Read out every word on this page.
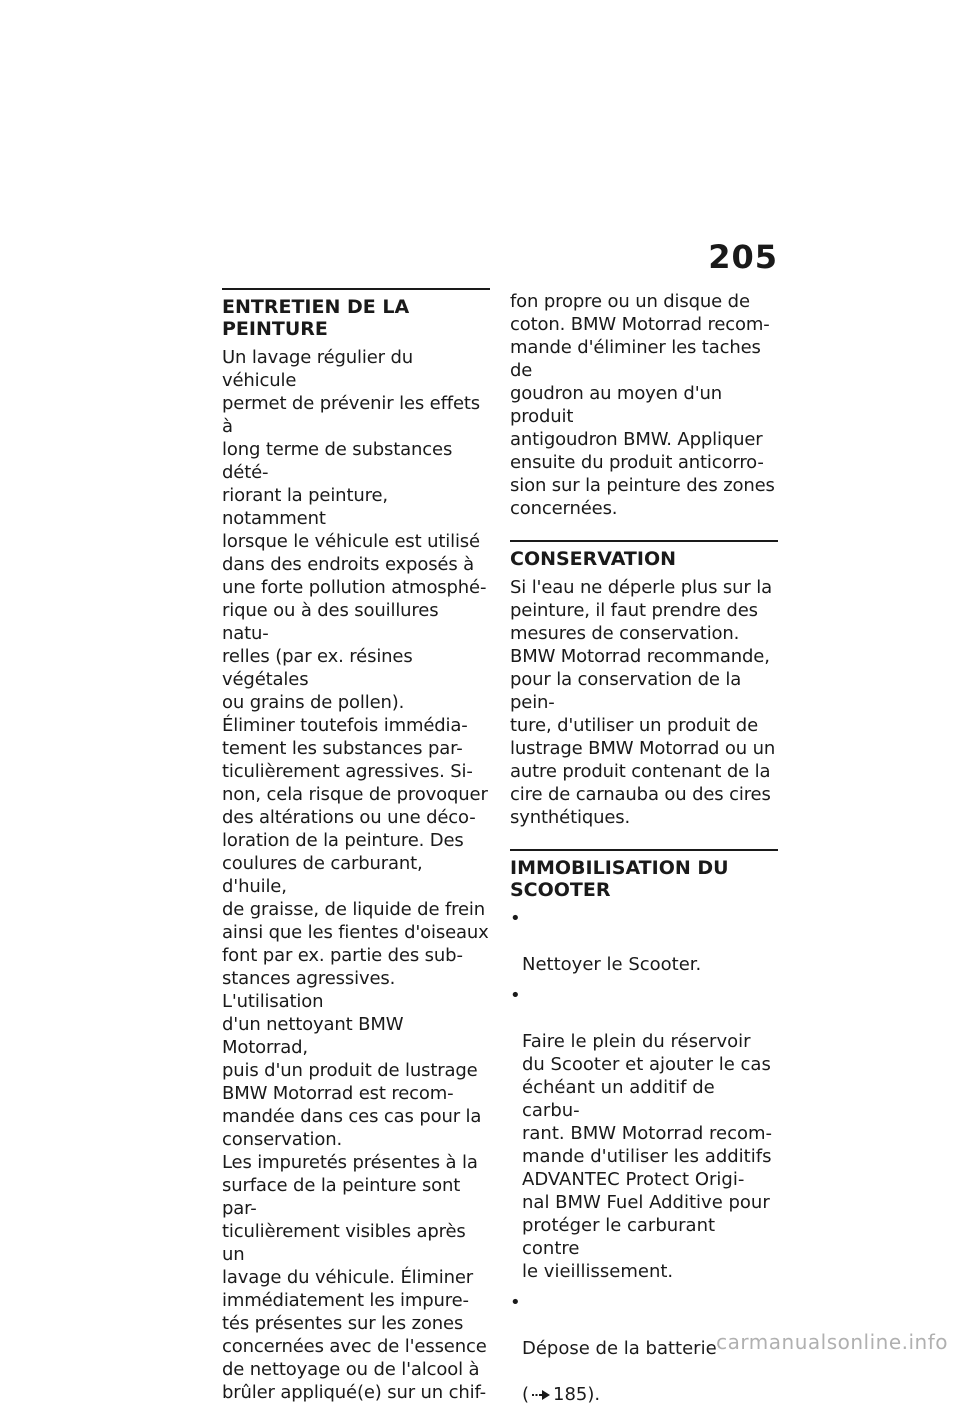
205
ENTRETIEN DE LA PEINTURE

Un lavage régulier du véhicule
permet de prévenir les effets à
long terme de substances dété-
riorant la peinture, notamment
lorsque le véhicule est utilisé
dans des endroits exposés à
une forte pollution atmosphé-
rique ou à des souillures natu-
relles (par ex. résines végétales
ou grains de pollen).

Éliminer toutefois immédia-
tement les substances par-
ticulièrement agressives. Si-
non, cela risque de provoquer
des altérations ou une déco-
loration de la peinture. Des
coulures de carburant, d'huile,
de graisse, de liquide de frein
ainsi que les fientes d'oiseaux
font par ex. partie des sub-
stances agressives. L'utilisation
d'un nettoyant BMW Motorrad,
puis d'un produit de lustrage
BMW Motorrad est recom-
mandée dans ces cas pour la
conservation.

Les impuretés présentes à la
surface de la peinture sont par-
ticulièrement visibles après un
lavage du véhicule. Éliminer
immédiatement les impure-
tés présentes sur les zones
concernées avec de l'essence
de nettoyage ou de l'alcool à
brûler appliqué(e) sur un chif-

fon propre ou un disque de
coton. BMW Motorrad recom-
mande d'éliminer les taches de
goudron au moyen d'un produit
antigoudron BMW. Appliquer
ensuite du produit anticorro-
sion sur la peinture des zones
concernées.

CONSERVATION

Si l'eau ne déperle plus sur la
peinture, il faut prendre des
mesures de conservation.
BMW Motorrad recommande,
pour la conservation de la pein-
ture, d'utiliser un produit de
lustrage BMW Motorrad ou un
autre produit contenant de la
cire de carnauba ou des cires
synthétiques.

IMMOBILISATION DU
SCOOTER

•

Nettoyer le Scooter.

•

Faire le plein du réservoir
du Scooter et ajouter le cas
échéant un additif de carbu-
rant. BMW Motorrad recom-
mande d'utiliser les additifs
ADVANTEC Protect Origi-
nal BMW Fuel Additive pour
protéger le carburant contre
le vieillissement.

•

Dépose de la batterie

( 185).

carmanualsonline.info
